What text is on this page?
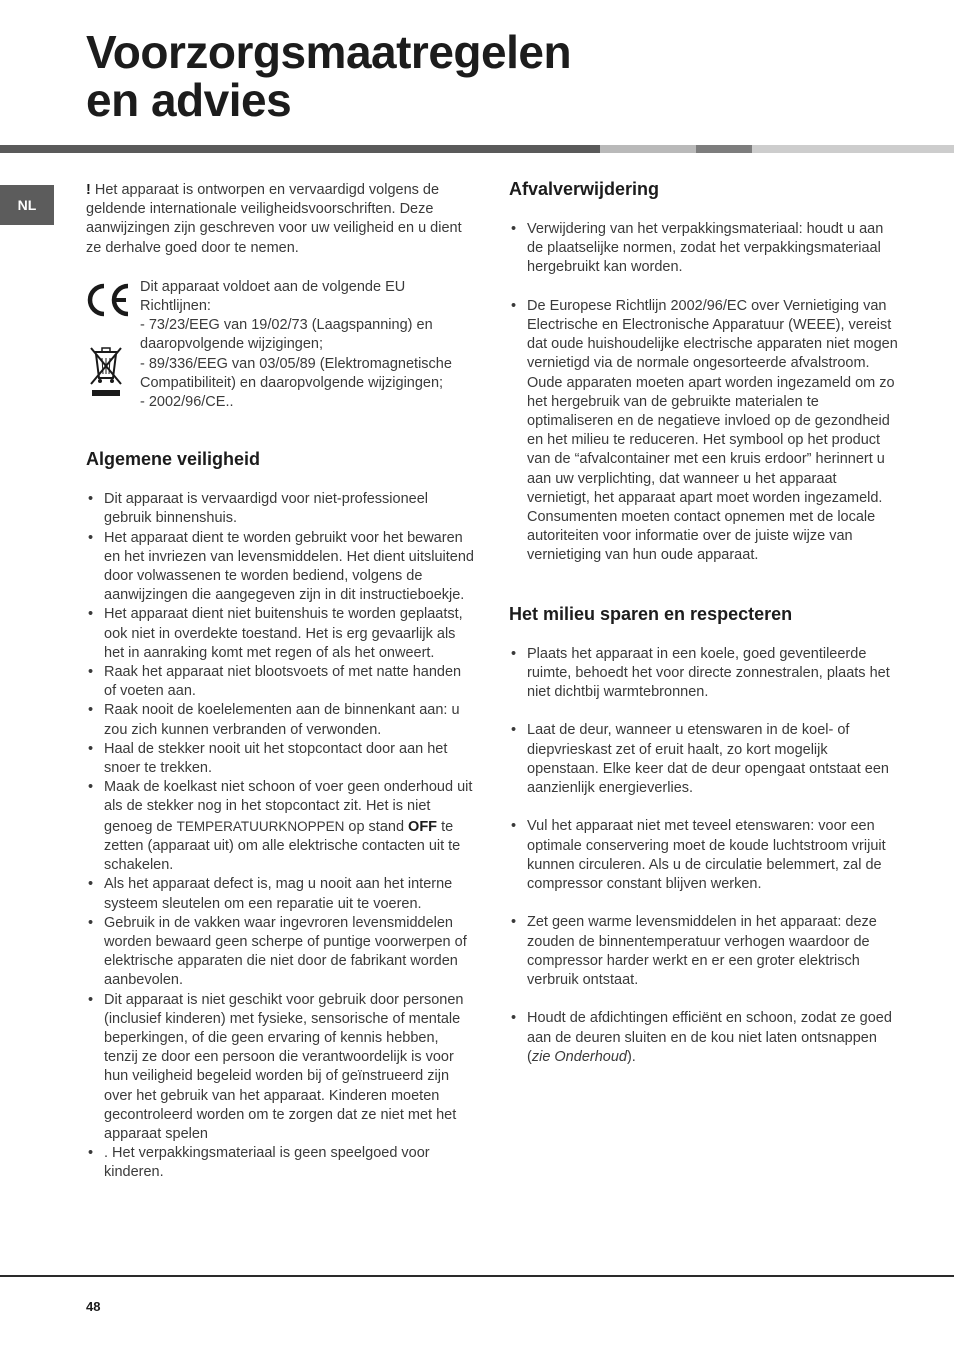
Voorzorgsmaatregelen
en advies
NL

! Het apparaat is ontworpen en vervaardigd volgens de geldende internationale veiligheidsvoorschriften. Deze aanwijzingen zijn geschreven voor uw veiligheid en u dient ze derhalve goed door te nemen.

Dit apparaat voldoet aan de volgende EU Richtlijnen:

- 73/23/EEG van 19/02/73 (Laagspanning) en daaropvolgende wijzigingen;

- 89/336/EEG van 03/05/89 (Elektromagnetische Compatibiliteit) en daaropvolgende wijzigingen;

- 2002/96/CE..

Algemene veiligheid
• Dit apparaat is vervaardigd voor niet-professioneel gebruik binnenshuis.
• Het apparaat dient te worden gebruikt voor het bewaren en het invriezen van levensmiddelen. Het dient uitsluitend door volwassenen te worden bediend, volgens de aanwijzingen die aangegeven zijn in dit instructieboekje.
• Het apparaat dient niet buitenshuis te worden geplaatst, ook niet in overdekte toestand. Het is erg gevaarlijk als het in aanraking komt met regen of als het onweert.
• Raak het apparaat niet blootsvoets of met natte handen of voeten aan.
• Raak nooit de koelelementen aan de binnenkant aan: u zou zich kunnen verbranden of verwonden.
• Haal de stekker nooit uit het stopcontact door aan het snoer te trekken.
• Maak de koelkast niet schoon of voer geen onderhoud uit als de stekker nog in het stopcontact zit. Het is niet genoeg de TEMPERATUURKNOPPEN op stand OFF te zetten (apparaat uit) om alle elektrische contacten uit te schakelen.
• Als het apparaat defect is, mag u nooit aan het interne systeem sleutelen om een reparatie uit te voeren.
• Gebruik in de vakken waar ingevroren levensmiddelen worden bewaard geen scherpe of puntige voorwerpen of elektrische apparaten die niet door de fabrikant worden aanbevolen.
• Dit apparaat is niet geschikt voor gebruik door personen (inclusief kinderen) met fysieke, sensorische of mentale beperkingen, of die geen ervaring of kennis hebben, tenzij ze door een persoon die verantwoordelijk is voor hun veiligheid begeleid worden bij of geïnstrueerd zijn over het gebruik van het apparaat. Kinderen moeten gecontroleerd worden om te zorgen dat ze niet met het apparaat spelen
• . Het verpakkingsmateriaal is geen speelgoed voor kinderen.
Afvalverwijdering
• Verwijdering van het verpakkingsmateriaal: houdt u aan de plaatselijke normen, zodat het verpakkingsmateriaal hergebruikt kan worden.

• De Europese Richtlijn 2002/96/EC over Vernietiging van Electrische en Electronische Apparatuur (WEEE), vereist dat oude huishoudelijke electrische apparaten niet mogen vernietigd via de normale ongesorteerde afvalstroom. Oude apparaten moeten apart worden ingezameld om zo het hergebruik van de gebruikte materialen te optimaliseren en de negatieve invloed op de gezondheid en het milieu te reduceren. Het symbool op het product van de “afvalcontainer met een kruis erdoor” herinnert u aan uw verplichting, dat wanneer u het apparaat vernietigt, het apparaat apart moet worden ingezameld.

Consumenten moeten contact opnemen met de locale autoriteiten voor informatie over de juiste wijze van vernietiging van hun oude apparaat.

Het milieu sparen en respecteren
• Plaats het apparaat in een koele, goed geventileerde ruimte, behoedt het voor directe zonnestralen, plaats het niet dichtbij warmtebronnen.
• Laat de deur, wanneer u etenswaren in de koel- of diepvrieskast zet of eruit haalt, zo kort mogelijk openstaan. Elke keer dat de deur opengaat ontstaat een aanzienlijk energieverlies.
• Vul het apparaat niet met teveel etenswaren: voor een optimale conservering moet de koude luchtstroom vrijuit kunnen circuleren. Als u de circulatie belemmert, zal de compressor constant blijven werken.
• Zet geen warme levensmiddelen in het apparaat: deze zouden de binnentemperatuur verhogen waardoor de compressor harder werkt en er een groter elektrisch verbruik ontstaat.
• Houdt de afdichtingen efficiënt en schoon, zodat ze goed aan de deuren sluiten en de kou niet laten ontsnappen (zie Onderhoud).
48
